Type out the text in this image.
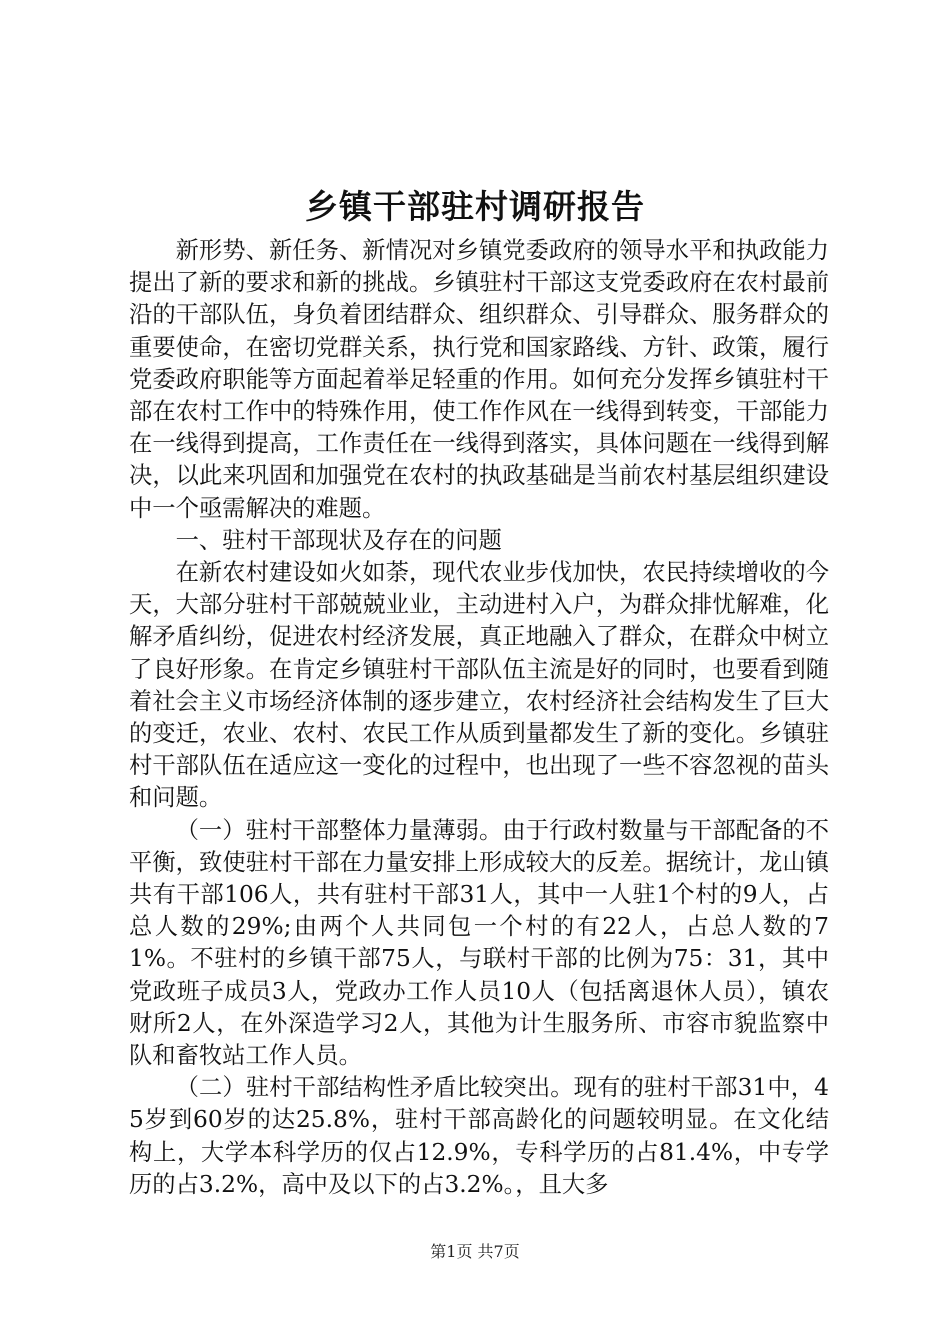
乡镇干部驻村调研报告

新形势、新任务、新情况对乡镇党委政府的领导水平和执政能力提出了新的要求和新的挑战。乡镇驻村干部这支党委政府在农村最前沿的干部队伍，身负着团结群众、组织群众、引导群众、服务群众的重要使命，在密切党群关系，执行党和国家路线、方针、政策，履行党委政府职能等方面起着举足轻重的作用。如何充分发挥乡镇驻村干部在农村工作中的特殊作用，使工作作风在一线得到转变，干部能力在一线得到提高，工作责任在一线得到落实，具体问题在一线得到解决，以此来巩固和加强党在农村的执政基础是当前农村基层组织建设中一个亟需解决的难题。

一、驻村干部现状及存在的问题

在新农村建设如火如荼，现代农业步伐加快，农民持续增收的今天，大部分驻村干部兢兢业业，主动进村入户，为群众排忧解难，化解矛盾纠纷，促进农村经济发展，真正地融入了群众，在群众中树立了良好形象。在肯定乡镇驻村干部队伍主流是好的同时，也要看到随着社会主义市场经济体制的逐步建立，农村经济社会结构发生了巨大的变迁，农业、农村、农民工作从质到量都发生了新的变化。乡镇驻村干部队伍在适应这一变化的过程中，也出现了一些不容忽视的苗头和问题。

（一）驻村干部整体力量薄弱。由于行政村数量与干部配备的不平衡，致使驻村干部在力量安排上形成较大的反差。据统计，龙山镇共有干部106人，共有驻村干部31人，其中一人驻1个村的9人，占总人数的29%;由两个人共同包一个村的有22人，占总人数的71%。不驻村的乡镇干部75人，与联村干部的比例为75：31，其中党政班子成员3人，党政办工作人员10人（包括离退休人员），镇农财所2人，在外深造学习2人，其他为计生服务所、市容市貌监察中队和畜牧站工作人员。

（二）驻村干部结构性矛盾比较突出。现有的驻村干部31中，45岁到60岁的达25.8%，驻村干部高龄化的问题较明显。在文化结构上，大学本科学历的仅占12.9%，专科学历的占81.4%，中专学历的占3.2%，高中及以下的占3.2%。，且大多

第1页 共7页
